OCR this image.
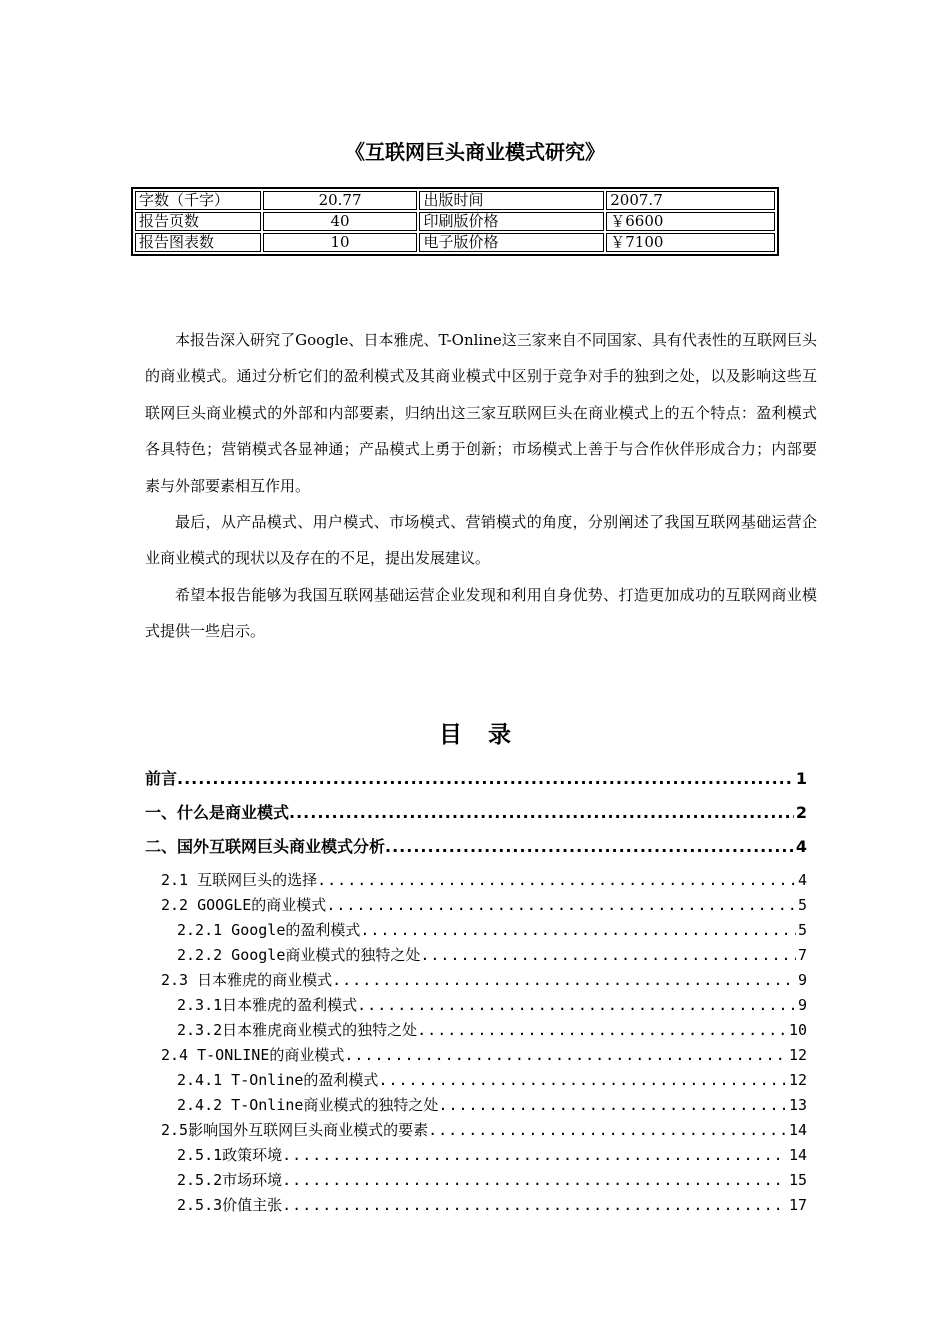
《互联网巨头商业模式研究》
字数（千字）	20.77	出版时间	2007.7
报告页数	40	印刷版价格	￥6600
报告图表数	10	电子版价格	￥7100

本报告深入研究了Google、日本雅虎、T-Online这三家来自不同国家、具有代表性的互联网巨头的商业模式。通过分析它们的盈利模式及其商业模式中区别于竞争对手的独到之处，以及影响这些互联网巨头商业模式的外部和内部要素，归纳出这三家互联网巨头在商业模式上的五个特点：盈利模式各具特色；营销模式各显神通；产品模式上勇于创新；市场模式上善于与合作伙伴形成合力；内部要素与外部要素相互作用。

最后，从产品模式、用户模式、市场模式、营销模式的角度，分别阐述了我国互联网基础运营企业商业模式的现状以及存在的不足，提出发展建议。

希望本报告能够为我国互联网基础运营企业发现和利用自身优势、打造更加成功的互联网商业模式提供一些启示。

目录
前言 .....	1
一、什么是商业模式 .....	2
二、国外互联网巨头商业模式分析 .....	4
2.1 互联网巨头的选择 .....	4
2.2 GOOGLE的商业模式 .....	5
2.2.1 Google的盈利模式 .....	5
2.2.2 Google商业模式的独特之处 .....	7
2.3 日本雅虎的商业模式 .....	9
2.3.1日本雅虎的盈利模式 .....	9
2.3.2日本雅虎商业模式的独特之处 .....	10
2.4 T-ONLINE的商业模式 .....	12
2.4.1 T-Online的盈利模式 .....	12
2.4.2 T-Online商业模式的独特之处 .....	13
2.5影响国外互联网巨头商业模式的要素 .....	14
2.5.1政策环境 .....	14
2.5.2市场环境 .....	15
2.5.3价值主张 .....	17
